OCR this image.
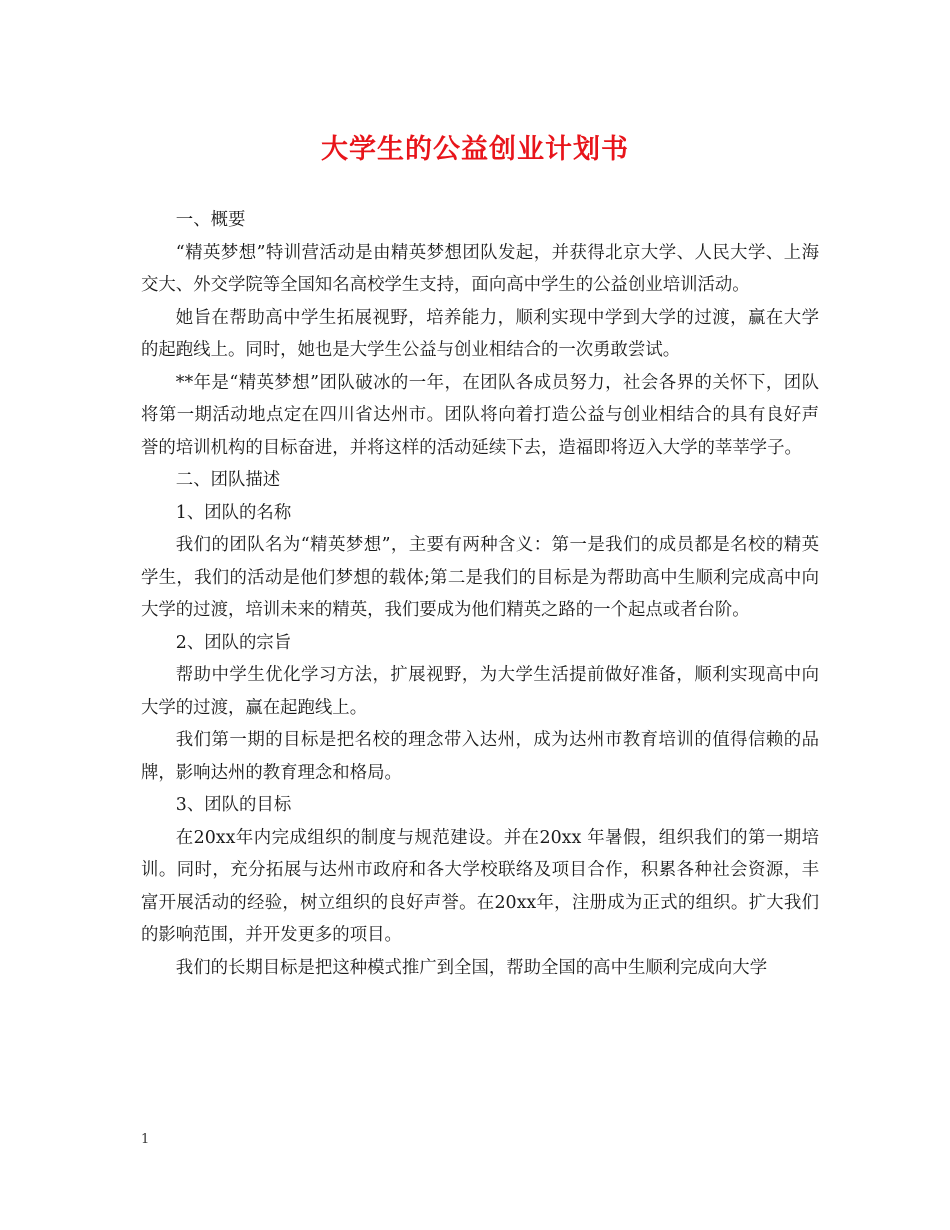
大学生的公益创业计划书

一、概要

“精英梦想”特训营活动是由精英梦想团队发起，并获得北京大学、人民大学、上海交大、外交学院等全国知名高校学生支持，面向高中学生的公益创业培训活动。

她旨在帮助高中学生拓展视野，培养能力，顺利实现中学到大学的过渡，赢在大学的起跑线上。同时，她也是大学生公益与创业相结合的一次勇敢尝试。

**年是“精英梦想”团队破冰的一年，在团队各成员努力，社会各界的关怀下，团队将第一期活动地点定在四川省达州市。团队将向着打造公益与创业相结合的具有良好声誉的培训机构的目标奋进，并将这样的活动延续下去，造福即将迈入大学的莘莘学子。

二、团队描述

1、团队的名称

我们的团队名为“精英梦想”，主要有两种含义：第一是我们的成员都是名校的精英学生，我们的活动是他们梦想的载体;第二是我们的目标是为帮助高中生顺利完成高中向大学的过渡，培训未来的精英，我们要成为他们精英之路的一个起点或者台阶。

2、团队的宗旨

帮助中学生优化学习方法，扩展视野，为大学生活提前做好准备，顺利实现高中向大学的过渡，赢在起跑线上。

我们第一期的目标是把名校的理念带入达州，成为达州市教育培训的值得信赖的品牌，影响达州的教育理念和格局。

3、团队的目标

在20xx年内完成组织的制度与规范建设。并在20xx 年暑假，组织我们的第一期培训。同时，充分拓展与达州市政府和各大学校联络及项目合作，积累各种社会资源，丰富开展活动的经验，树立组织的良好声誉。在20xx年，注册成为正式的组织。扩大我们的影响范围，并开发更多的项目。

我们的长期目标是把这种模式推广到全国，帮助全国的高中生顺利完成向大学

1
